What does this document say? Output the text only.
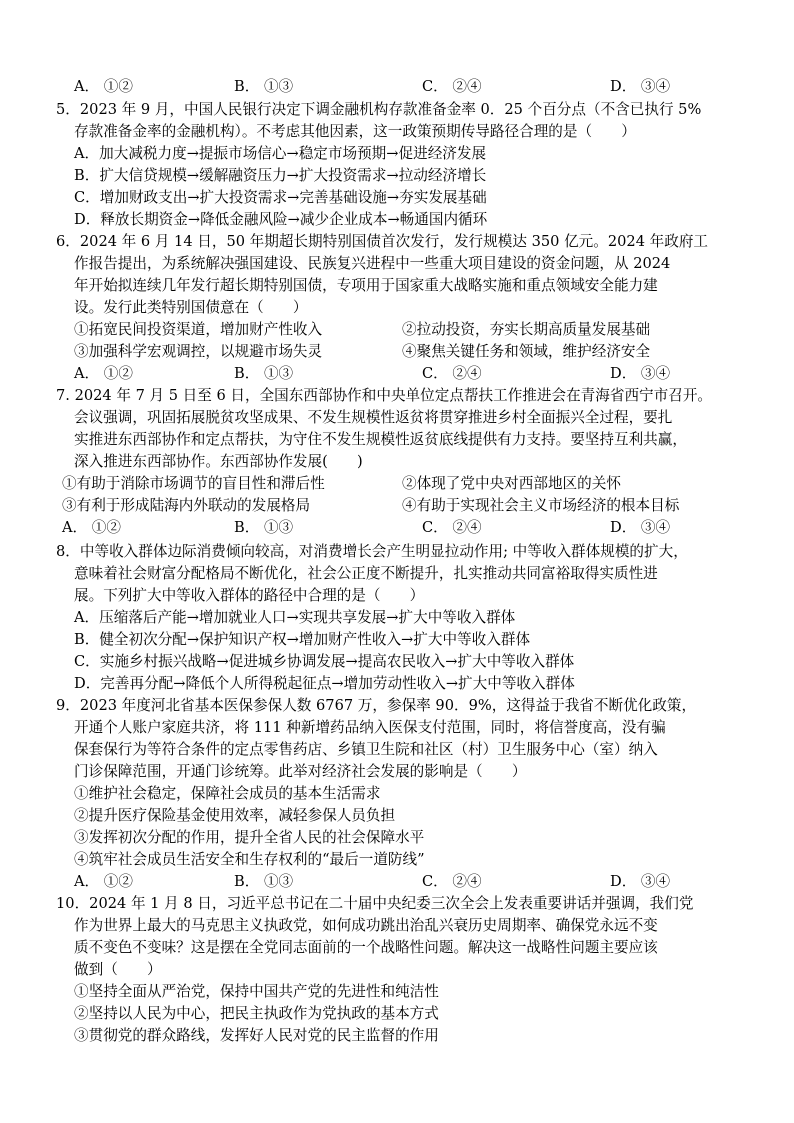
A． ①②	B． ①③	C． ②④	D． ③④
5．2023 年 9 月，中国人民银行决定下调金融机构存款准备金率 0．25 个百分点（不含已执行 5%
存款准备金率的金融机构）。不考虑其他因素，这一政策预期传导路径合理的是（　　）
A．加大减税力度→提振市场信心→稳定市场预期→促进经济发展
B．扩大信贷规模→缓解融资压力→扩大投资需求→拉动经济增长
C．增加财政支出→扩大投资需求→完善基础设施→夯实发展基础
D．释放长期资金→降低金融风险→减少企业成本→畅通国内循环
6．2024 年 6 月 14 日，50 年期超长期特别国债首次发行，发行规模达 350 亿元。2024 年政府工
作报告提出，为系统解决强国建设、民族复兴进程中一些重大项目建设的资金问题，从 2024
年开始拟连续几年发行超长期特别国债，专项用于国家重大战略实施和重点领域安全能力建
设。发行此类特别国债意在（　　）
①拓宽民间投资渠道，增加财产性收入	②拉动投资，夯实长期高质量发展基础
③加强科学宏观调控，以规避市场失灵	④聚焦关键任务和领域，维护经济安全
A． ①②	B． ①③	C． ②④	D． ③④
7. 2024 年 7 月 5 日至 6 日，全国东西部协作和中央单位定点帮扶工作推进会在青海省西宁市召开。
会议强调，巩固拓展脱贫攻坚成果、不发生规模性返贫将贯穿推进乡村全面振兴全过程，要扎
实推进东西部协作和定点帮扶，为守住不发生规模性返贫底线提供有力支持。要坚持互利共赢，
深入推进东西部协作。东西部协作发展(　　)
①有助于消除市场调节的盲目性和滞后性	②体现了党中央对西部地区的关怀
③有利于形成陆海内外联动的发展格局	④有助于实现社会主义市场经济的根本目标
A． ①②	B． ①③	C． ②④	D． ③④
8．中等收入群体边际消费倾向较高，对消费增长会产生明显拉动作用; 中等收入群体规模的扩大，
意味着社会财富分配格局不断优化，社会公正度不断提升，扎实推动共同富裕取得实质性进
展。下列扩大中等收入群体的路径中合理的是（　　）
A．压缩落后产能→增加就业人口→实现共享发展→扩大中等收入群体
B．健全初次分配→保护知识产权→增加财产性收入→扩大中等收入群体
C．实施乡村振兴战略→促进城乡协调发展→提高农民收入→扩大中等收入群体
D．完善再分配→降低个人所得税起征点→增加劳动性收入→扩大中等收入群体
9．2023 年度河北省基本医保参保人数 6767 万，参保率 90．9%，这得益于我省不断优化政策，
开通个人账户家庭共济，将 111 种新增药品纳入医保支付范围，同时，将信誉度高，没有骗
保套保行为等符合条件的定点零售药店、乡镇卫生院和社区（村）卫生服务中心（室）纳入
门诊保障范围，开通门诊统筹。此举对经济社会发展的影响是（　　）
①维护社会稳定，保障社会成员的基本生活需求
②提升医疗保险基金使用效率，减轻参保人员负担
③发挥初次分配的作用，提升全省人民的社会保障水平
④筑牢社会成员生活安全和生存权利的“最后一道防线”
A． ①②	B． ①③	C． ②④	D． ③④
10．2024 年 1 月 8 日，习近平总书记在二十届中央纪委三次全会上发表重要讲话并强调，我们党
作为世界上最大的马克思主义执政党，如何成功跳出治乱兴衰历史周期率、确保党永远不变
质不变色不变味？这是摆在全党同志面前的一个战略性问题。解决这一战略性问题主要应该
做到（　　）
①坚持全面从严治党，保持中国共产党的先进性和纯洁性
②坚持以人民为中心，把民主执政作为党执政的基本方式
③贯彻党的群众路线，发挥好人民对党的民主监督的作用
